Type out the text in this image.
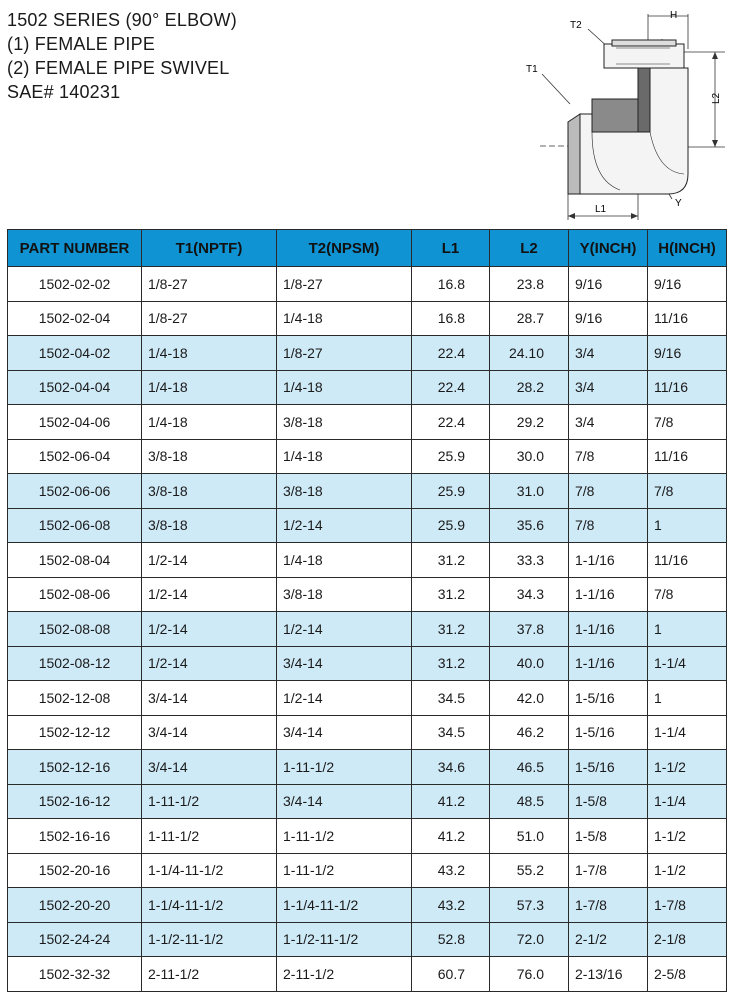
1502 SERIES (90° ELBOW)
(1) FEMALE PIPE
(2) FEMALE PIPE SWIVEL
SAE# 140231
T2
H
T1
L2
L1
Y
PART NUMBER	T1(NPTF)	T2(NPSM)	L1	L2	Y(INCH)	H(INCH)
1502-02-02	1/8-27	1/8-27	16.8	23.8	9/16	9/16
1502-02-04	1/8-27	1/4-18	16.8	28.7	9/16	11/16
1502-04-02	1/4-18	1/8-27	22.4	24.10	3/4	9/16
1502-04-04	1/4-18	1/4-18	22.4	28.2	3/4	11/16
1502-04-06	1/4-18	3/8-18	22.4	29.2	3/4	7/8
1502-06-04	3/8-18	1/4-18	25.9	30.0	7/8	11/16
1502-06-06	3/8-18	3/8-18	25.9	31.0	7/8	7/8
1502-06-08	3/8-18	1/2-14	25.9	35.6	7/8	1
1502-08-04	1/2-14	1/4-18	31.2	33.3	1-1/16	11/16
1502-08-06	1/2-14	3/8-18	31.2	34.3	1-1/16	7/8
1502-08-08	1/2-14	1/2-14	31.2	37.8	1-1/16	1
1502-08-12	1/2-14	3/4-14	31.2	40.0	1-1/16	1-1/4
1502-12-08	3/4-14	1/2-14	34.5	42.0	1-5/16	1
1502-12-12	3/4-14	3/4-14	34.5	46.2	1-5/16	1-1/4
1502-12-16	3/4-14	1-11-1/2	34.6	46.5	1-5/16	1-1/2
1502-16-12	1-11-1/2	3/4-14	41.2	48.5	1-5/8	1-1/4
1502-16-16	1-11-1/2	1-11-1/2	41.2	51.0	1-5/8	1-1/2
1502-20-16	1-1/4-11-1/2	1-11-1/2	43.2	55.2	1-7/8	1-1/2
1502-20-20	1-1/4-11-1/2	1-1/4-11-1/2	43.2	57.3	1-7/8	1-7/8
1502-24-24	1-1/2-11-1/2	1-1/2-11-1/2	52.8	72.0	2-1/2	2-1/8
1502-32-32	2-11-1/2	2-11-1/2	60.7	76.0	2-13/16	2-5/8
